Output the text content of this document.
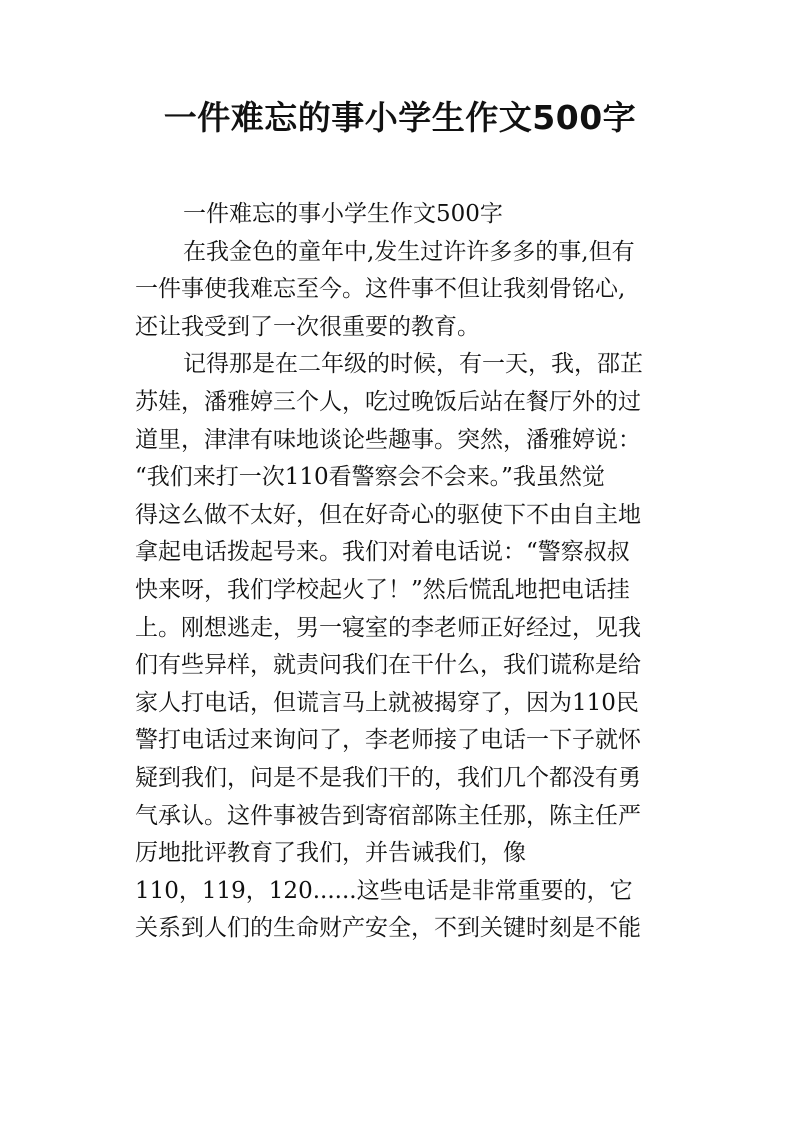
一件难忘的事小学生作文500字
一件难忘的事小学生作文500字
在我金色的童年中,发生过许许多多的事,但有
一件事使我难忘至今。这件事不但让我刻骨铭心,
还让我受到了一次很重要的教育。
记得那是在二年级的时候，有一天，我，邵芷
苏娃，潘雅婷三个人，吃过晚饭后站在餐厅外的过
道里，津津有味地谈论些趣事。突然，潘雅婷说：
“我们来打一次110看警察会不会来。”我虽然觉
得这么做不太好，但在好奇心的驱使下不由自主地
拿起电话拨起号来。我们对着电话说：“警察叔叔
快来呀，我们学校起火了！”然后慌乱地把电话挂
上。刚想逃走，男一寝室的李老师正好经过，见我
们有些异样，就责问我们在干什么，我们谎称是给
家人打电话，但谎言马上就被揭穿了，因为110民
警打电话过来询问了，李老师接了电话一下子就怀
疑到我们，问是不是我们干的，我们几个都没有勇
气承认。这件事被告到寄宿部陈主任那，陈主任严
厉地批评教育了我们，并告诫我们，像
110，119，120......这些电话是非常重要的，它
关系到人们的生命财产安全，不到关键时刻是不能
